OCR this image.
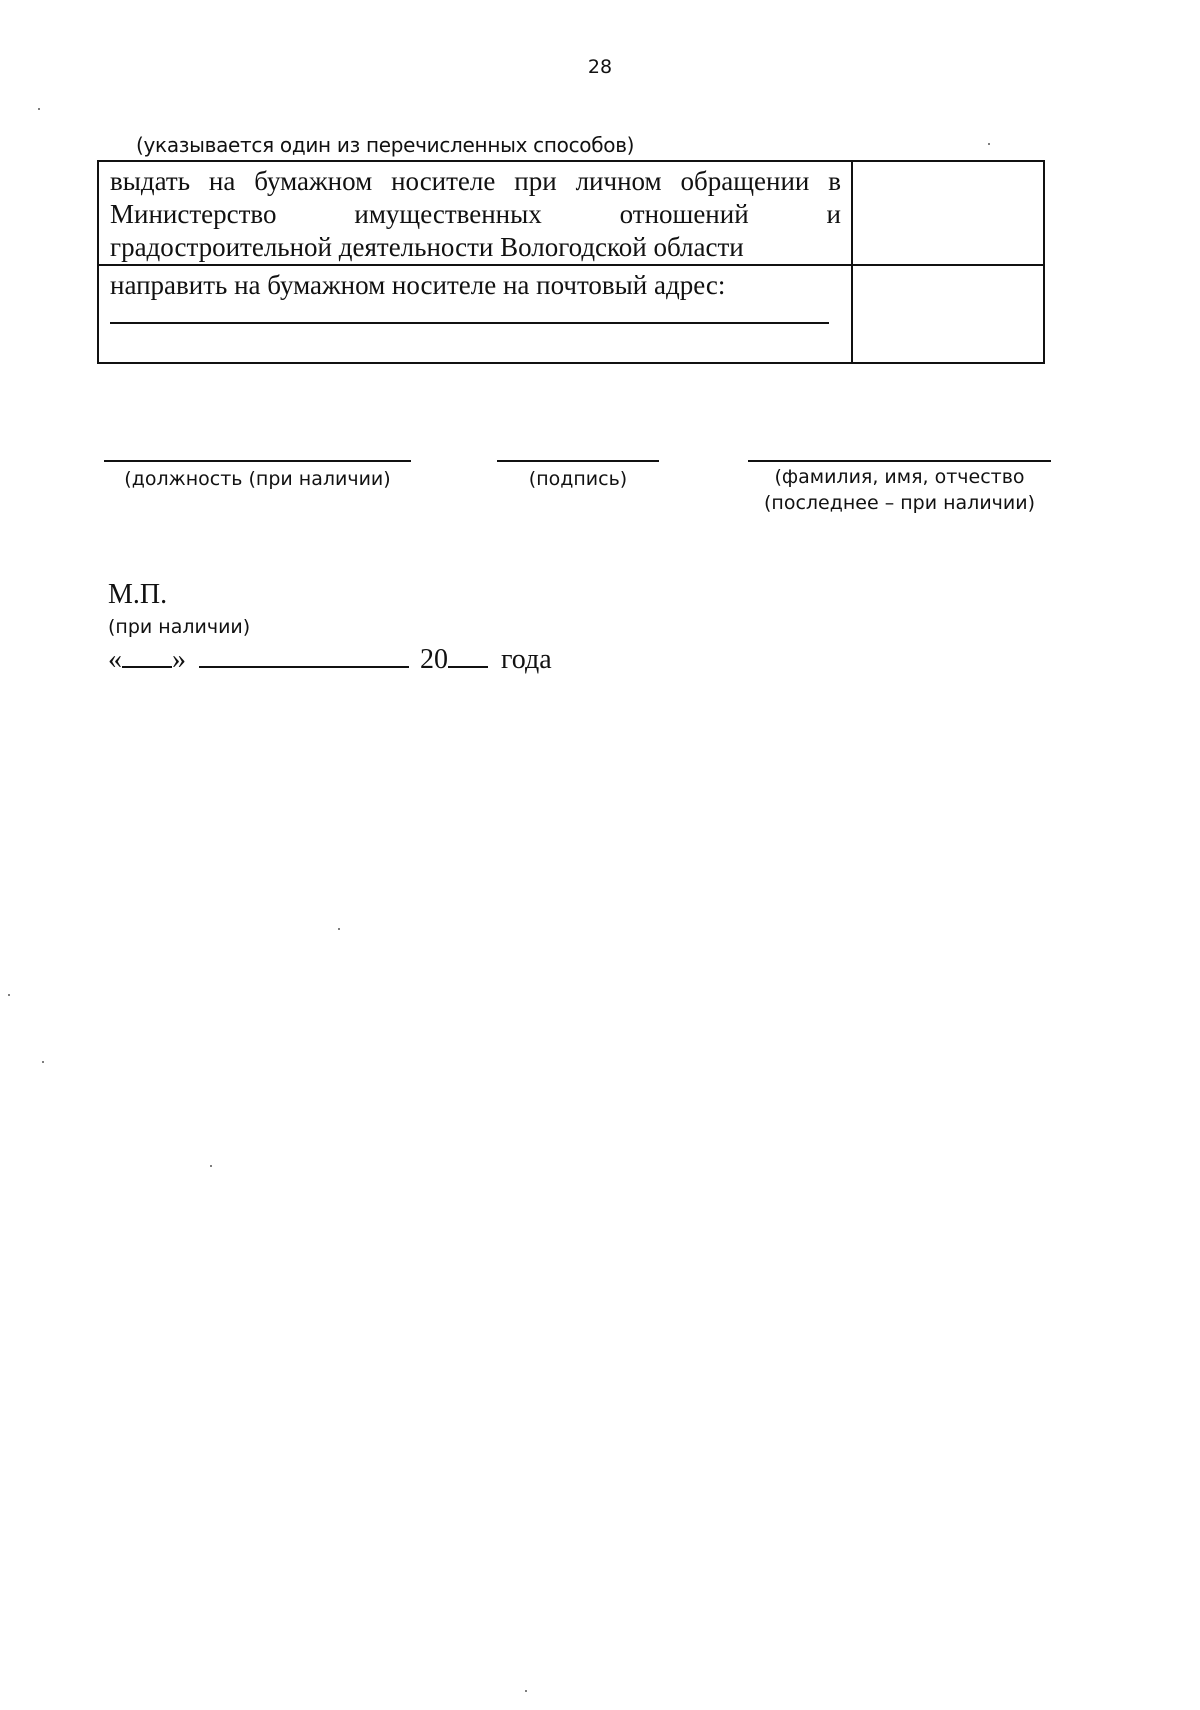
28
(указывается один из перечисленных способов)
выдать на бумажном носителе при личном обращении в Министерство имущественных отношений и градостроительной деятельности Вологодской области	

направить на бумажном носителе на почтовый адрес:	

(должность (при наличии)	(подпись)	(фамилия, имя, отчество
(последнее – при наличии)
М.П.
(при наличии)
« »	20 года
